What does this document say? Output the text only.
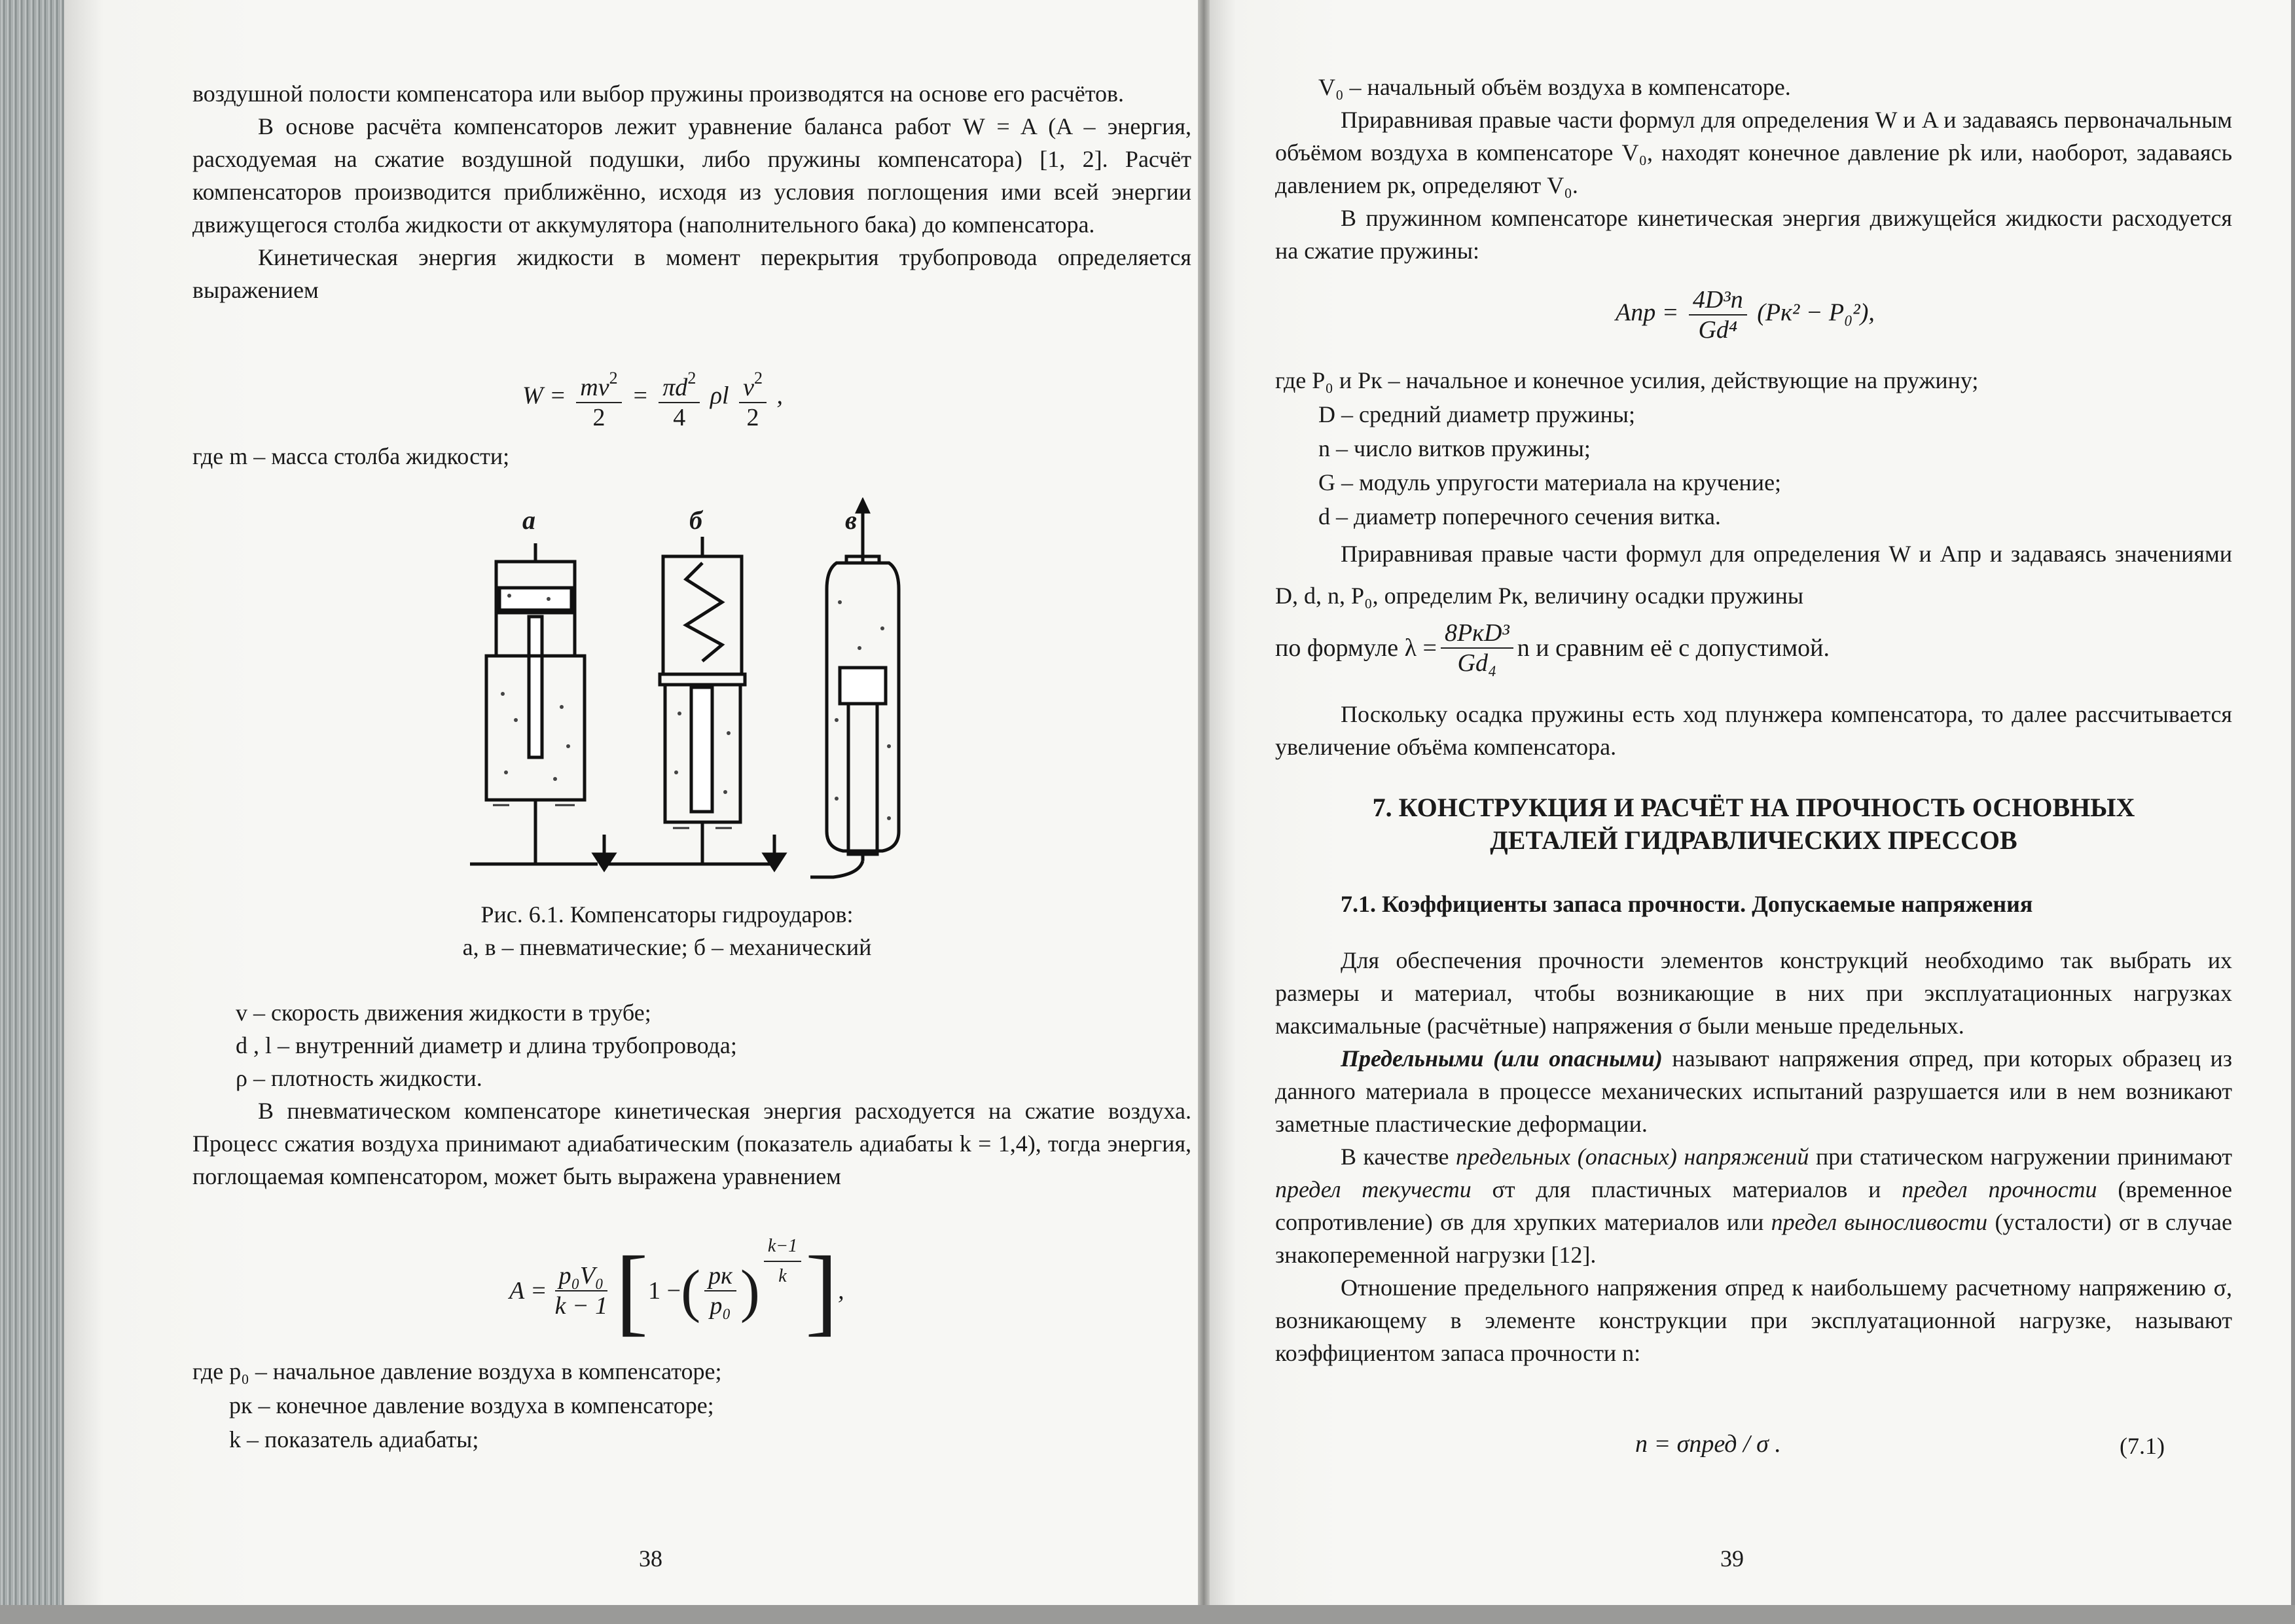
воздушной полости компенсатора или выбор пружины производятся на основе его расчётов.

В основе расчёта компенсаторов лежит уравнение баланса работ W = A (A – энергия, расходуемая на сжатие воздушной подушки, либо пружины компенсатора) [1, 2]. Расчёт компенсаторов производится приближённо, исходя из условия поглощения ими всей энергии движущегося столба жидкости от аккумулятора (наполнительного бака) до компенсатора.

Кинетическая энергия жидкости в момент перекрытия трубопровода определяется выражением

$W = \frac{mv^2}{2} = \frac{\pi d^2}{4}$ ρl $\frac{v^2}{2}$ ,
где m – масса столба жидкости;
а	б	в
Рис. 6.1. Компенсаторы гидроударов:
а, в – пневматические; б – механический
v – скорость движения жидкости в трубе;
d , l – внутренний диаметр и длина трубопровода;
ρ – плотность жидкости.

В пневматическом компенсаторе кинетическая энергия расходуется на сжатие воздуха. Процесс сжатия воздуха принимают адиабатическим (показатель адиабаты k = 1,4), тогда энергия, поглощаемая компенсатором, может быть выражена уравнением

$A = \frac{\text{p₀V₀}}{k - 1}$ [ 1 − ( pк
p₀ )
k−1
k ] ,
где p₀ – начальное давление воздуха в компенсаторе;
pк – конечное давление воздуха в компенсаторе;
k – показатель адиабаты;
38
V₀ – начальный объём воздуха в компенсаторе.

Приравнивая правые части формул для определения W и A и задаваясь первоначальным объёмом воздуха в компенсаторе V₀, находят конечное давление pk или, наоборот, задаваясь давлением pк, определяют V₀.

В пружинном компенсаторе кинетическая энергия движущейся жидкости расходуется на сжатие пружины:

Aпр = $\frac{\text{4D³n}}{\text{Gd⁴}} (Pк^2 - P_0^2)$,
где P₀ и Pк – начальное и конечное усилия, действующие на пружину;
D – средний диаметр пружины;
n – число витков пружины;
G – модуль упругости материала на кручение;
d – диаметр поперечного сечения витка.

Приравнивая правые части формул для определения W и Aпр и задаваясь значениями D, d, n, P₀, определим Pк, величину осадки пружины

по формуле λ =
8PкD³
Gd₄
n и сравним её с допустимой.

Поскольку осадка пружины есть ход плунжера компенсатора, то далее рассчитывается увеличение объёма компенсатора.

7. КОНСТРУКЦИЯ И РАСЧЁТ НА ПРОЧНОСТЬ ОСНОВНЫХ
ДЕТАЛЕЙ ГИДРАВЛИЧЕСКИХ ПРЕССОВ
7.1. Коэффициенты запаса прочности. Допускаемые напряжения

Для обеспечения прочности элементов конструкций необходимо так выбрать их размеры и материал, чтобы возникающие в них при эксплуатационных нагрузках максимальные (расчётные) напряжения σ были меньше предельных.

Предельными (или опасными) называют напряжения σпред, при которых образец из данного материала в процессе механических испытаний разрушается или в нем возникают заметные пластические деформации.

В качестве предельных (опасных) напряжений при статическом нагружении принимают предел текучести σт для пластичных материалов и предел прочности (временное сопротивление) σв для хрупких материалов или предел выносливости (усталости) σr в случае знакопеременной нагрузки [12].

Отношение предельного напряжения σпред к наибольшему расчетному напряжению σ, возникающему в элементе конструкции при эксплуатационной нагрузке, называют коэффициентом запаса прочности n:

n = σпред / σ .	(7.1)
39
